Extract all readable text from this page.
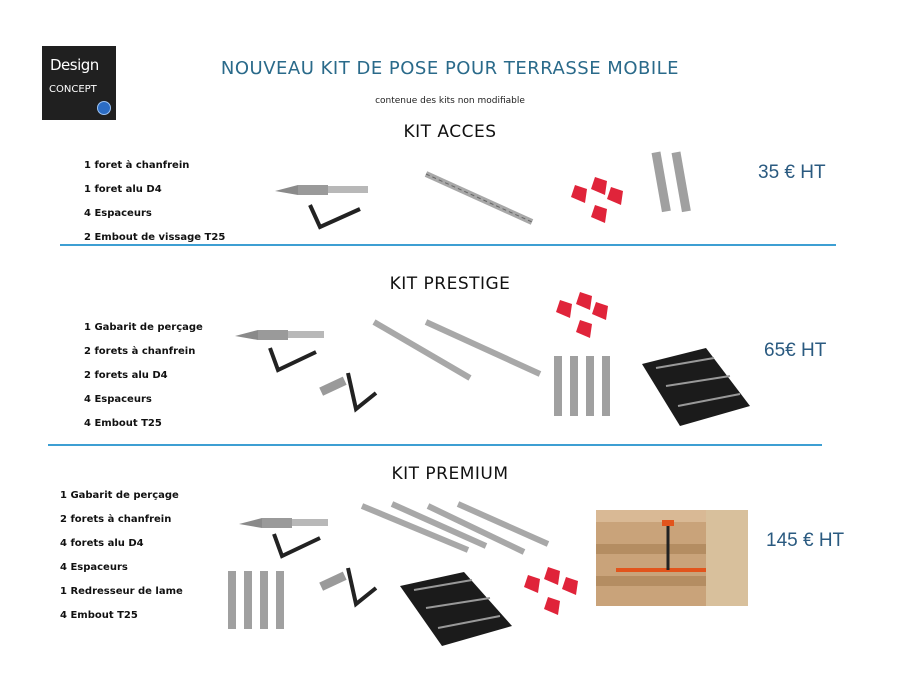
Design
CONCEPT
NOUVEAU KIT DE POSE POUR TERRASSE MOBILE
contenue des kits non modifiable
KIT ACCES
1 foret à chanfrein
1 foret alu D4
4 Espaceurs
2 Embout de vissage T25
35 € HT
KIT PRESTIGE
1 Gabarit de perçage
2 forets à chanfrein
2 forets alu D4
4 Espaceurs
4 Embout T25
65€ HT
KIT PREMIUM
1 Gabarit de perçage
2 forets à chanfrein
4 forets alu D4
4 Espaceurs
1 Redresseur de lame
4 Embout T25
145 € HT
